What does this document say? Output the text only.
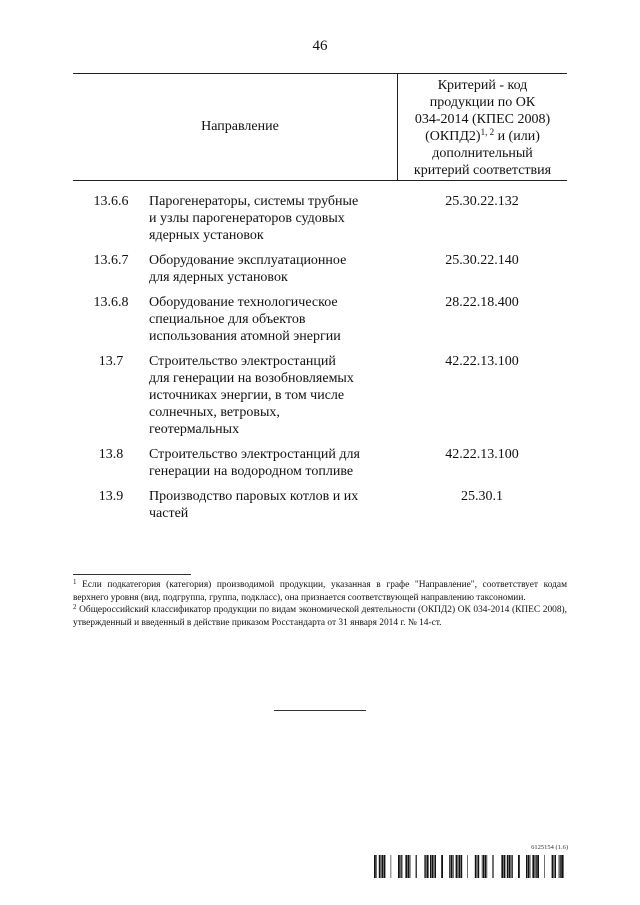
46
Направление
Критерий - код
продукции по ОК
034-2014 (КПЕС 2008)
(ОКПД2)$^{1, 2}$ и (или)
дополнительный
критерий соответствия
13.6.6	Парогенераторы, системы трубные
и узлы парогенераторов судовых
ядерных установок
25.30.22.132
13.6.7	Оборудование эксплуатационное
для ядерных установок
25.30.22.140
13.6.8	Оборудование технологическое
специальное для объектов
использования атомной энергии
28.22.18.400
13.7	Строительство электростанций
для генерации на возобновляемых
источниках энергии, в том числе
солнечных, ветровых,
геотермальных
42.22.13.100
13.8	Строительство электростанций для
генерации на водородном топливе
42.22.13.100
13.9	Производство паровых котлов и их
частей
25.30.1

$^1$ Если подкатегория (категория) производимой продукции, указанная в графе "Направление", соответствует кодам верхнего уровня (вид, подгруппа, группа, подкласс), она признается соответствующей направлению таксономии.

$^2$ Общероссийский классификатор продукции по видам экономической деятельности (ОКПД2) ОК 034-2014 (КПЕС 2008), утвержденный и введенный в действие приказом Росстандарта от 31 января 2014 г. № 14-ст.

6125154 (1.6)
